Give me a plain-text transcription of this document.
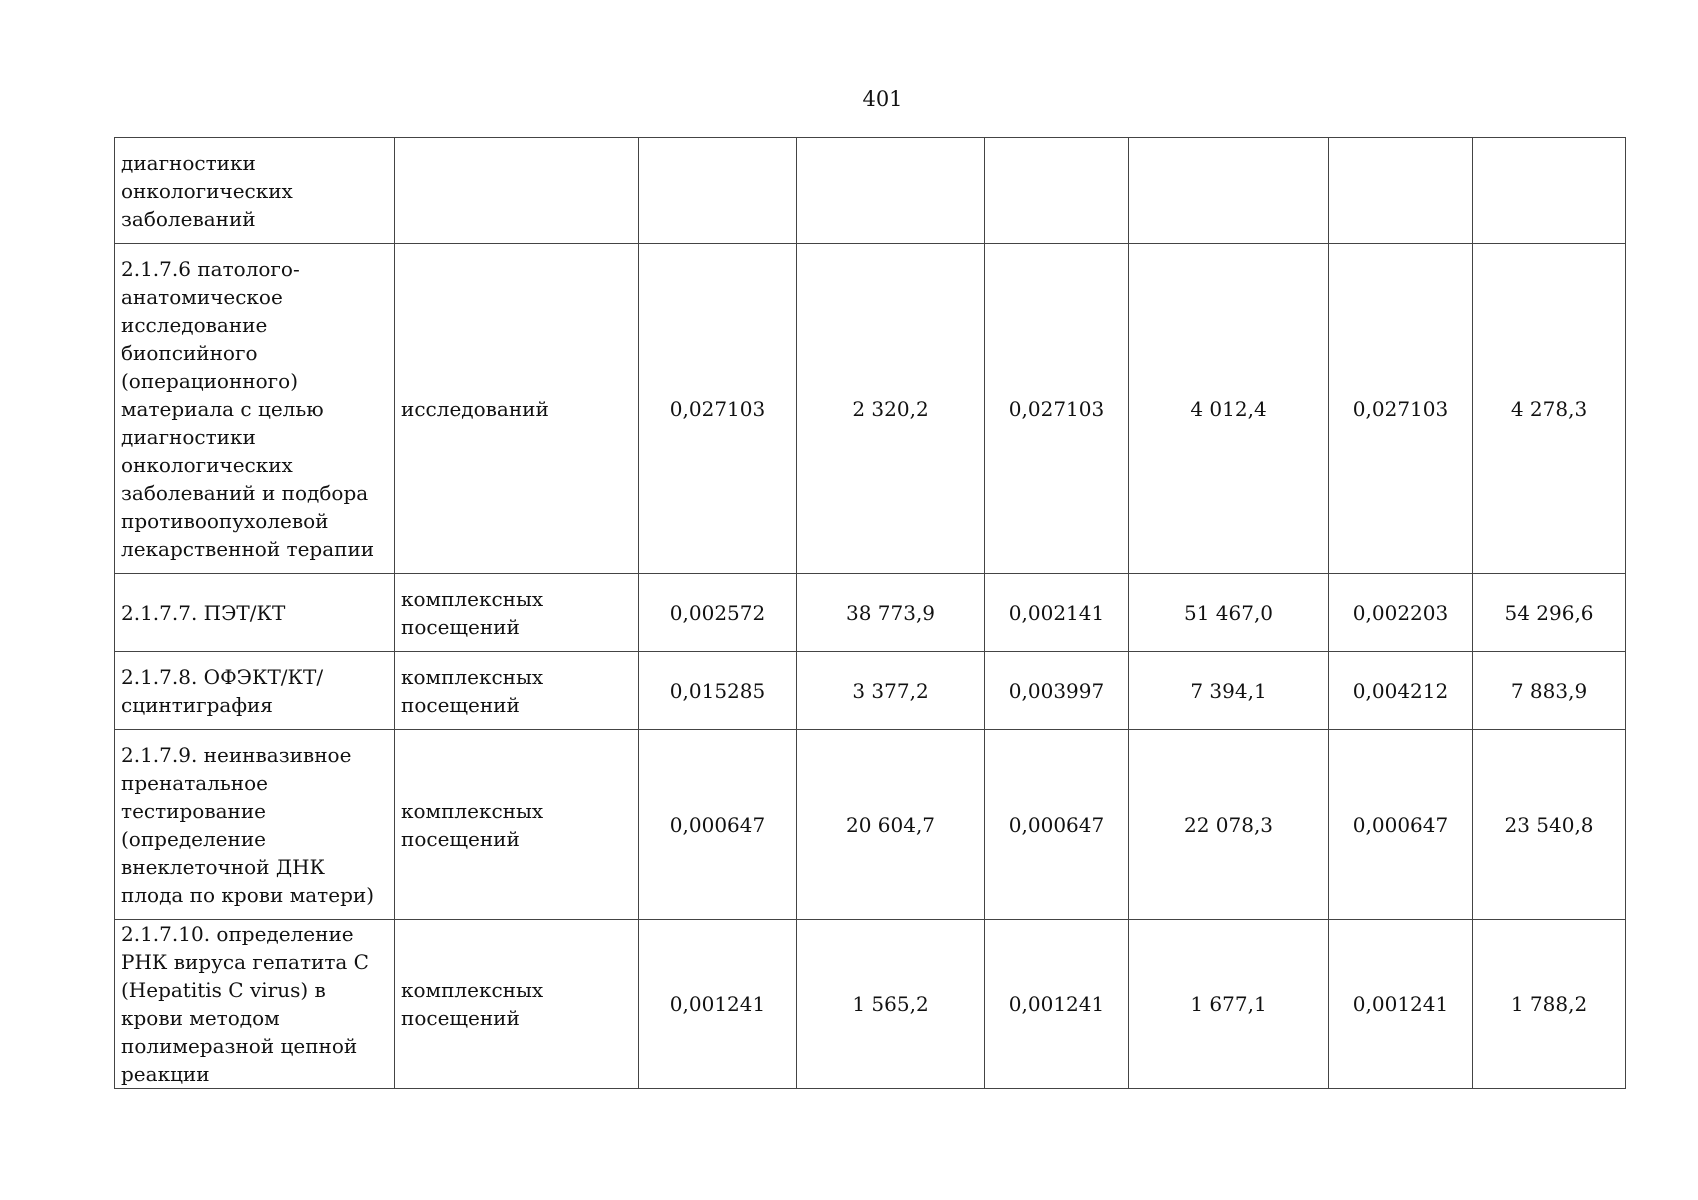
401
диагностики онкологических заболеваний							
2.1.7.6 патолого-анатомическое исследование биопсийного (операционного) материала с целью диагностики онкологических заболеваний и подбора противоопухолевой лекарственной терапии	исследований	0,027103	2 320,2	0,027103	4 012,4	0,027103	4 278,3
2.1.7.7. ПЭТ/КТ	комплексных посещений	0,002572	38 773,9	0,002141	51 467,0	0,002203	54 296,6
2.1.7.8. ОФЭКТ/КТ/сцинтиграфия	комплексных посещений	0,015285	3 377,2	0,003997	7 394,1	0,004212	7 883,9
2.1.7.9. неинвазивное пренатальное тестирование (определение внеклеточной ДНК плода по крови матери)	комплексных посещений	0,000647	20 604,7	0,000647	22 078,3	0,000647	23 540,8
2.1.7.10. определение РНК вируса гепатита С (Hepatitis C virus) в крови методом полимеразной цепной реакции	комплексных посещений	0,001241	1 565,2	0,001241	1 677,1	0,001241	1 788,2
